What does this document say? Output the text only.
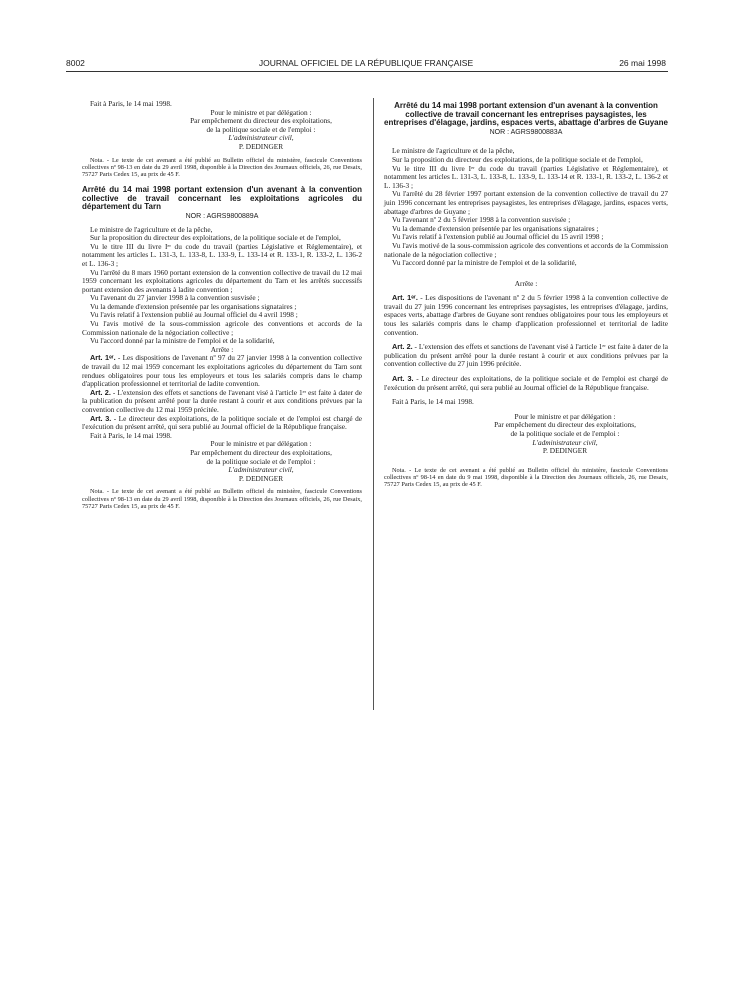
8002	JOURNAL OFFICIEL DE LA RÉPUBLIQUE FRANÇAISE	26 mai 1998

Fait à Paris, le 14 mai 1998.

Pour le ministre et par délégation :

Par empêchement du directeur des exploitations,

de la politique sociale et de l'emploi :

L'administrateur civil,

P. DEDINGER

Nota. - Le texte de cet avenant a été publié au Bulletin officiel du ministère, fascicule Conventions collectives nº 98-13 en date du 29 avril 1998, disponible à la Direction des Journaux officiels, 26, rue Desaix, 75727 Paris Cedex 15, au prix de 45 F.

Arrêté du 14 mai 1998 portant extension d'un avenant à la convention collective de travail concernant les exploitations agricoles du département du Tarn

NOR : AGRS9800889A

Le ministre de l'agriculture et de la pêche,

Sur la proposition du directeur des exploitations, de la politique sociale et de l'emploi,

Vu le titre III du livre Iᵉʳ du code du travail (parties Législative et Réglementaire), et notamment les articles L. 131-3, L. 133-8, L. 133-9, L. 133-14 et R. 133-1, R. 133-2, L. 136-2 et L. 136-3 ;

Vu l'arrêté du 8 mars 1960 portant extension de la convention collective de travail du 12 mai 1959 concernant les exploitations agricoles du département du Tarn et les arrêtés successifs portant extension des avenants à ladite convention ;

Vu l'avenant du 27 janvier 1998 à la convention susvisée ;

Vu la demande d'extension présentée par les organisations signataires ;

Vu l'avis relatif à l'extension publié au Journal officiel du 4 avril 1998 ;

Vu l'avis motivé de la sous-commission agricole des conventions et accords de la Commission nationale de la négociation collective ;

Vu l'accord donné par la ministre de l'emploi et de la solidarité,

Arrête :

Art. 1ᵉʳ. - Les dispositions de l'avenant nº 97 du 27 janvier 1998 à la convention collective de travail du 12 mai 1959 concernant les exploitations agricoles du département du Tarn sont rendues obligatoires pour tous les employeurs et tous les salariés compris dans le champ d'application professionnel et territorial de ladite convention.

Art. 2. - L'extension des effets et sanctions de l'avenant visé à l'article 1ᵉʳ est faite à dater de la publication du présent arrêté pour la durée restant à courir et aux conditions prévues par la convention collective du 12 mai 1959 précitée.

Art. 3. - Le directeur des exploitations, de la politique sociale et de l'emploi est chargé de l'exécution du présent arrêté, qui sera publié au Journal officiel de la République française.

Fait à Paris, le 14 mai 1998.

Pour le ministre et par délégation :

Par empêchement du directeur des exploitations,

de la politique sociale et de l'emploi :

L'administrateur civil,

P. DEDINGER

Nota. - Le texte de cet avenant a été publié au Bulletin officiel du ministère, fascicule Conventions collectives nº 98-13 en date du 29 avril 1998, disponible à la Direction des Journaux officiels, 26, rue Desaix, 75727 Paris Cedex 15, au prix de 45 F.

Arrêté du 14 mai 1998 portant extension d'un avenant à la convention collective de travail concernant les entreprises paysagistes, les entreprises d'élagage, jardins, espaces verts, abattage d'arbres de Guyane

NOR : AGRS9800883A

Le ministre de l'agriculture et de la pêche,

Sur la proposition du directeur des exploitations, de la politique sociale et de l'emploi,

Vu le titre III du livre Iᵉʳ du code du travail (parties Législative et Réglementaire), et notamment les articles L. 131-3, L. 133-8, L. 133-9, L. 133-14 et R. 133-1, R. 133-2, L. 136-2 et L. 136-3 ;

Vu l'arrêté du 28 février 1997 portant extension de la convention collective de travail du 27 juin 1996 concernant les entreprises paysagistes, les entreprises d'élagage, jardins, espaces verts, abattage d'arbres de Guyane ;

Vu l'avenant nº 2 du 5 février 1998 à la convention susvisée ;

Vu la demande d'extension présentée par les organisations signataires ;

Vu l'avis relatif à l'extension publié au Journal officiel du 15 avril 1998 ;

Vu l'avis motivé de la sous-commission agricole des conventions et accords de la Commission nationale de la négociation collective ;

Vu l'accord donné par la ministre de l'emploi et de la solidarité,

Arrête :

Art. 1ᵉʳ. - Les dispositions de l'avenant nº 2 du 5 février 1998 à la convention collective de travail du 27 juin 1996 concernant les entreprises paysagistes, les entreprises d'élagage, jardins, espaces verts, abattage d'arbres de Guyane sont rendues obligatoires pour tous les employeurs et tous les salariés compris dans le champ d'application professionnel et territorial de ladite convention.

Art. 2. - L'extension des effets et sanctions de l'avenant visé à l'article 1ᵉʳ est faite à dater de la publication du présent arrêté pour la durée restant à courir et aux conditions prévues par la convention collective du 27 juin 1996 précitée.

Art. 3. - Le directeur des exploitations, de la politique sociale et de l'emploi est chargé de l'exécution du présent arrêté, qui sera publié au Journal officiel de la République française.

Fait à Paris, le 14 mai 1998.

Pour le ministre et par délégation :

Par empêchement du directeur des exploitations,

de la politique sociale et de l'emploi :

L'administrateur civil,

P. DEDINGER

Nota. - Le texte de cet avenant a été publié au Bulletin officiel du ministère, fascicule Conventions collectives nº 98-14 en date du 9 mai 1998, disponible à la Direction des Journaux officiels, 26, rue Desaix, 75727 Paris Cedex 15, au prix de 45 F.
